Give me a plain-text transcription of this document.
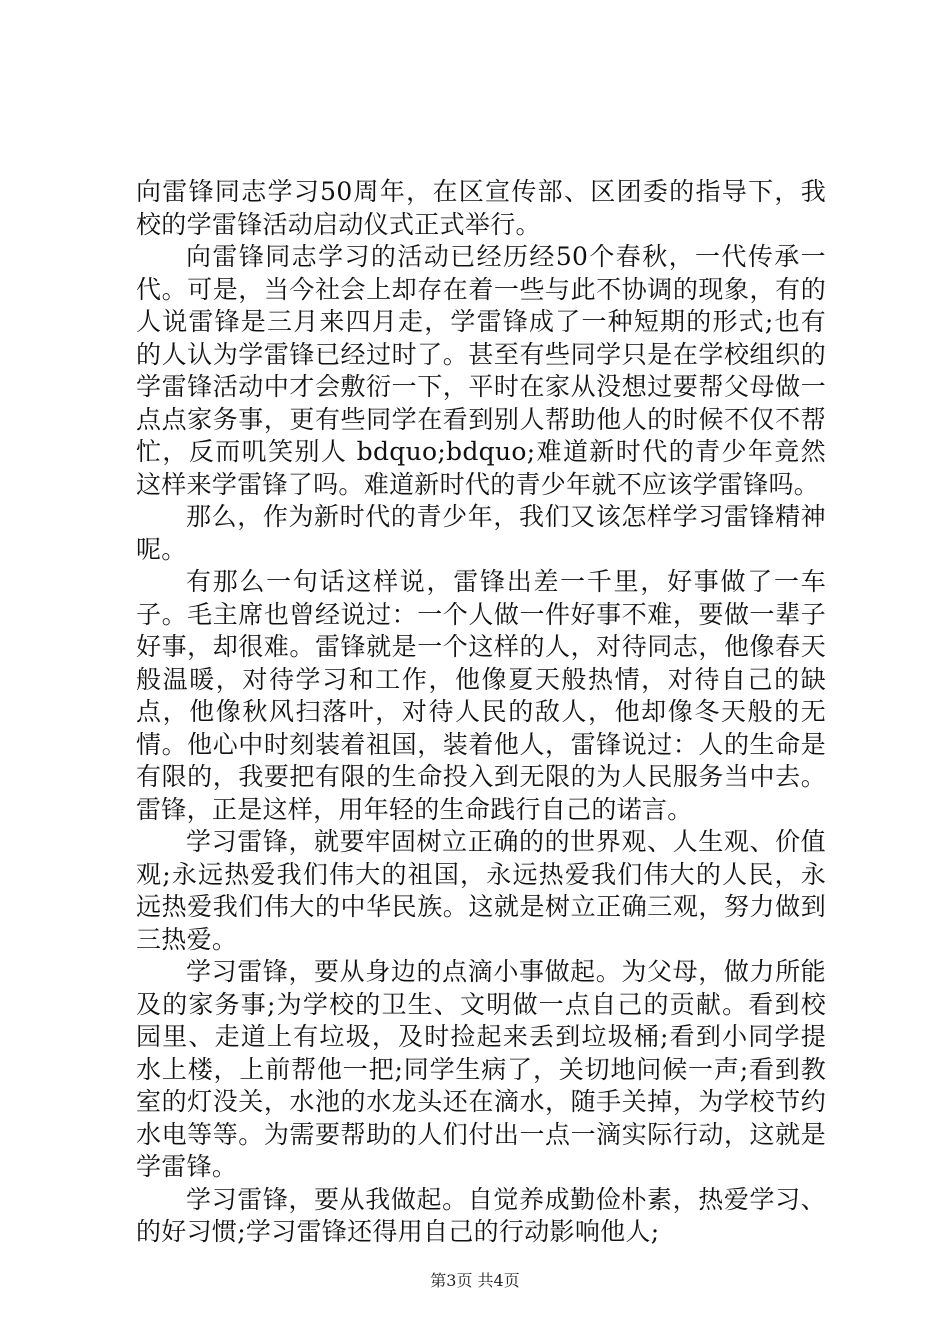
向雷锋同志学习50周年，在区宣传部、区团委的指导下，我校的学雷锋活动启动仪式正式举行。

向雷锋同志学习的活动已经历经50个春秋，一代传承一代。可是，当今社会上却存在着一些与此不协调的现象，有的人说雷锋是三月来四月走，学雷锋成了一种短期的形式;也有的人认为学雷锋已经过时了。甚至有些同学只是在学校组织的学雷锋活动中才会敷衍一下，平时在家从没想过要帮父母做一点点家务事，更有些同学在看到别人帮助他人的时候不仅不帮忙，反而叽笑别人 bdquo;bdquo;难道新时代的青少年竟然这样来学雷锋了吗。难道新时代的青少年就不应该学雷锋吗。

那么，作为新时代的青少年，我们又该怎样学习雷锋精神呢。

有那么一句话这样说，雷锋出差一千里，好事做了一车子。毛主席也曾经说过：一个人做一件好事不难，要做一辈子好事，却很难。雷锋就是一个这样的人，对待同志，他像春天般温暖，对待学习和工作，他像夏天般热情，对待自己的缺点，他像秋风扫落叶，对待人民的敌人，他却像冬天般的无情。他心中时刻装着祖国，装着他人，雷锋说过：人的生命是有限的，我要把有限的生命投入到无限的为人民服务当中去。雷锋，正是这样，用年轻的生命践行自己的诺言。

学习雷锋，就要牢固树立正确的的世界观、人生观、价值观;永远热爱我们伟大的祖国，永远热爱我们伟大的人民，永远热爱我们伟大的中华民族。这就是树立正确三观，努力做到三热爱。

学习雷锋，要从身边的点滴小事做起。为父母，做力所能及的家务事;为学校的卫生、文明做一点自己的贡献。看到校园里、走道上有垃圾，及时捡起来丢到垃圾桶;看到小同学提水上楼，上前帮他一把;同学生病了，关切地问候一声;看到教室的灯没关，水池的水龙头还在滴水，随手关掉，为学校节约水电等等。为需要帮助的人们付出一点一滴实际行动，这就是学雷锋。

学习雷锋，要从我做起。自觉养成勤俭朴素，热爱学习、的好习惯;学习雷锋还得用自己的行动影响他人;

第3页 共4页
